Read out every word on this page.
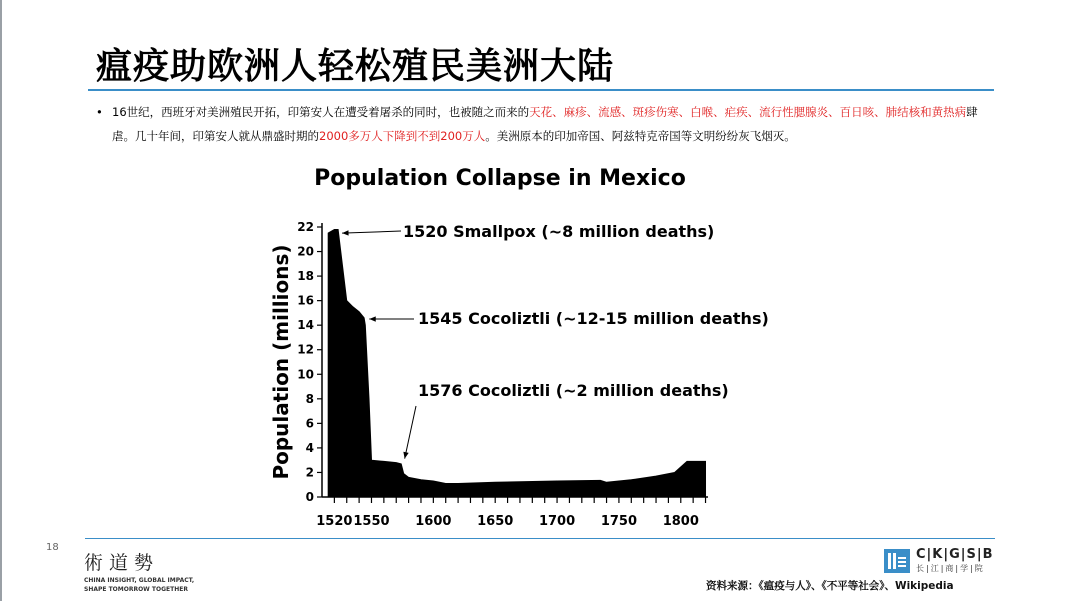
瘟疫助欧洲人轻松殖民美洲大陆
• 16世纪，西班牙对美洲殖民开拓，印第安人在遭受着屠杀的同时，也被随之而来的天花、麻疹、流感、斑疹伤寒、白喉、疟疾、流行性腮腺炎、百日咳、肺结核和黄热病肆虐。几十年间，印第安人就从鼎盛时期的2000多万人下降到不到200万人。美洲原本的印加帝国、阿兹特克帝国等文明纷纷灰飞烟灭。
Population Collapse in Mexico
0
2
4
6
8
10
12
14
16
18
20
22
1520 1550 1600 1650 1700 1750 1800
Population (millions)
1520 Smallpox (~8 million deaths)
1545 Cocoliztli (~12-15 million deaths)
1576 Cocoliztli (~2 million deaths)
18
術道勢
CHINA INSIGHT, GLOBAL IMPACT,
SHAPE TOMORROW TOGETHER
C|K|G|S|B
长|江|商|学|院
资料来源：《瘟疫与人》、《不平等社会》、Wikipedia
